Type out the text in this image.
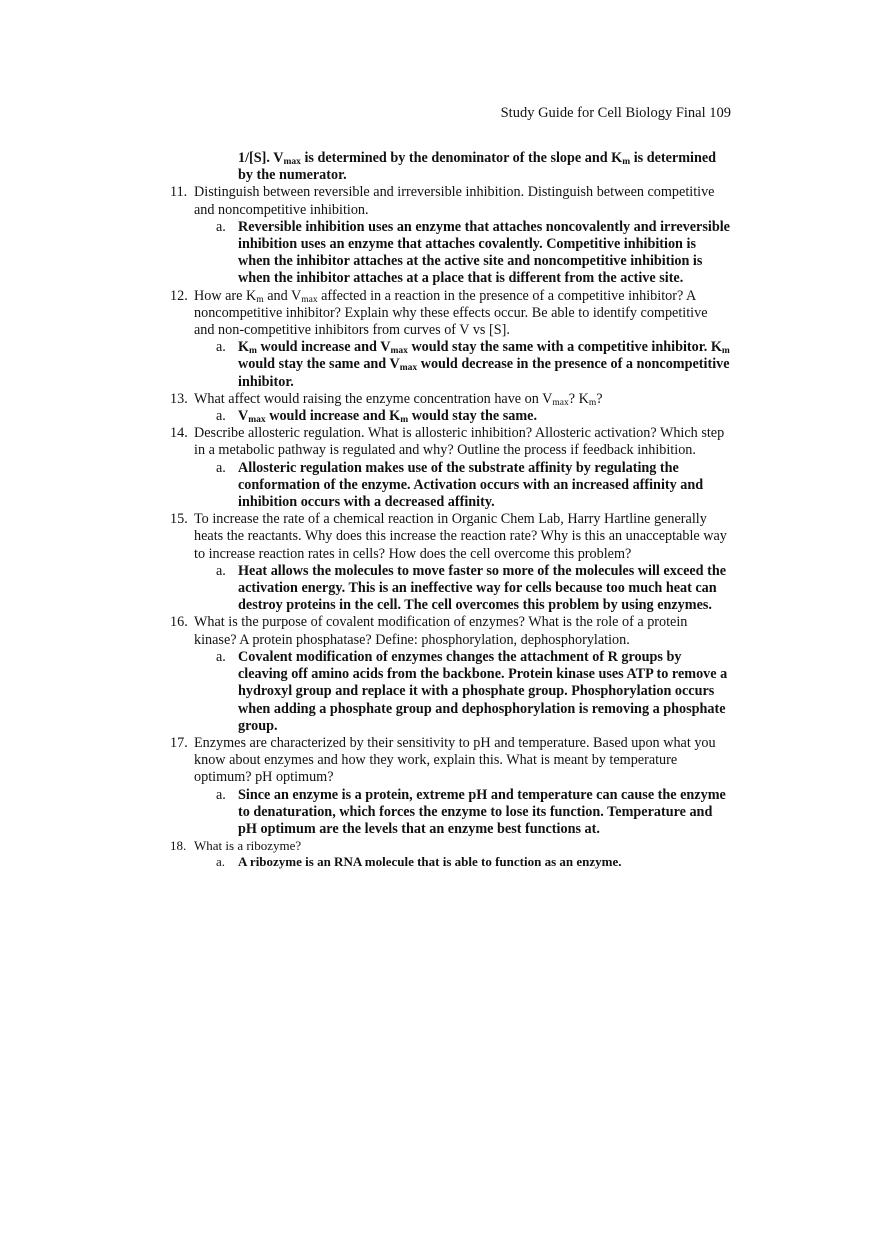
Study Guide for Cell Biology Final 109

1/[S]. $V_{max}$ is determined by the denominator of the slope and $K_m$ is determined by the numerator.

11. Distinguish between reversible and irreversible inhibition. Distinguish between competitive and noncompetitive inhibition.

a. Reversible inhibition uses an enzyme that attaches noncovalently and irreversible inhibition uses an enzyme that attaches covalently. Competitive inhibition is when the inhibitor attaches at the active site and noncompetitive inhibition is when the inhibitor attaches at a place that is different from the active site.

12. How are $K_m$ and $V_{max}$ affected in a reaction in the presence of a competitive inhibitor? A noncompetitive inhibitor? Explain why these effects occur. Be able to identify competitive and non-competitive inhibitors from curves of V vs [S].

a. $K_m$ would increase and $V_{max}$ would stay the same with a competitive inhibitor. $K_m$ would stay the same and $V_{max}$ would decrease in the presence of a noncompetitive inhibitor.

13. What affect would raising the enzyme concentration have on $V_{max}$? $K_m$?

a. $V_{max}$ would increase and $K_m$ would stay the same.

14. Describe allosteric regulation. What is allosteric inhibition? Allosteric activation? Which step in a metabolic pathway is regulated and why? Outline the process if feedback inhibition.

a. Allosteric regulation makes use of the substrate affinity by regulating the conformation of the enzyme. Activation occurs with an increased affinity and inhibition occurs with a decreased affinity.

15. To increase the rate of a chemical reaction in Organic Chem Lab, Harry Hartline generally heats the reactants. Why does this increase the reaction rate? Why is this an unacceptable way to increase reaction rates in cells? How does the cell overcome this problem?

a. Heat allows the molecules to move faster so more of the molecules will exceed the activation energy. This is an ineffective way for cells because too much heat can destroy proteins in the cell. The cell overcomes this problem by using enzymes.

16. What is the purpose of covalent modification of enzymes? What is the role of a protein kinase? A protein phosphatase? Define: phosphorylation, dephosphorylation.

a. Covalent modification of enzymes changes the attachment of R groups by cleaving off amino acids from the backbone. Protein kinase uses ATP to remove a hydroxyl group and replace it with a phosphate group. Phosphorylation occurs when adding a phosphate group and dephosphorylation is removing a phosphate group.

17. Enzymes are characterized by their sensitivity to pH and temperature. Based upon what you know about enzymes and how they work, explain this. What is meant by temperature optimum? pH optimum?

a. Since an enzyme is a protein, extreme pH and temperature can cause the enzyme to denaturation, which forces the enzyme to lose its function. Temperature and pH optimum are the levels that an enzyme best functions at.

18. What is a ribozyme?

a. A ribozyme is an RNA molecule that is able to function as an enzyme.
